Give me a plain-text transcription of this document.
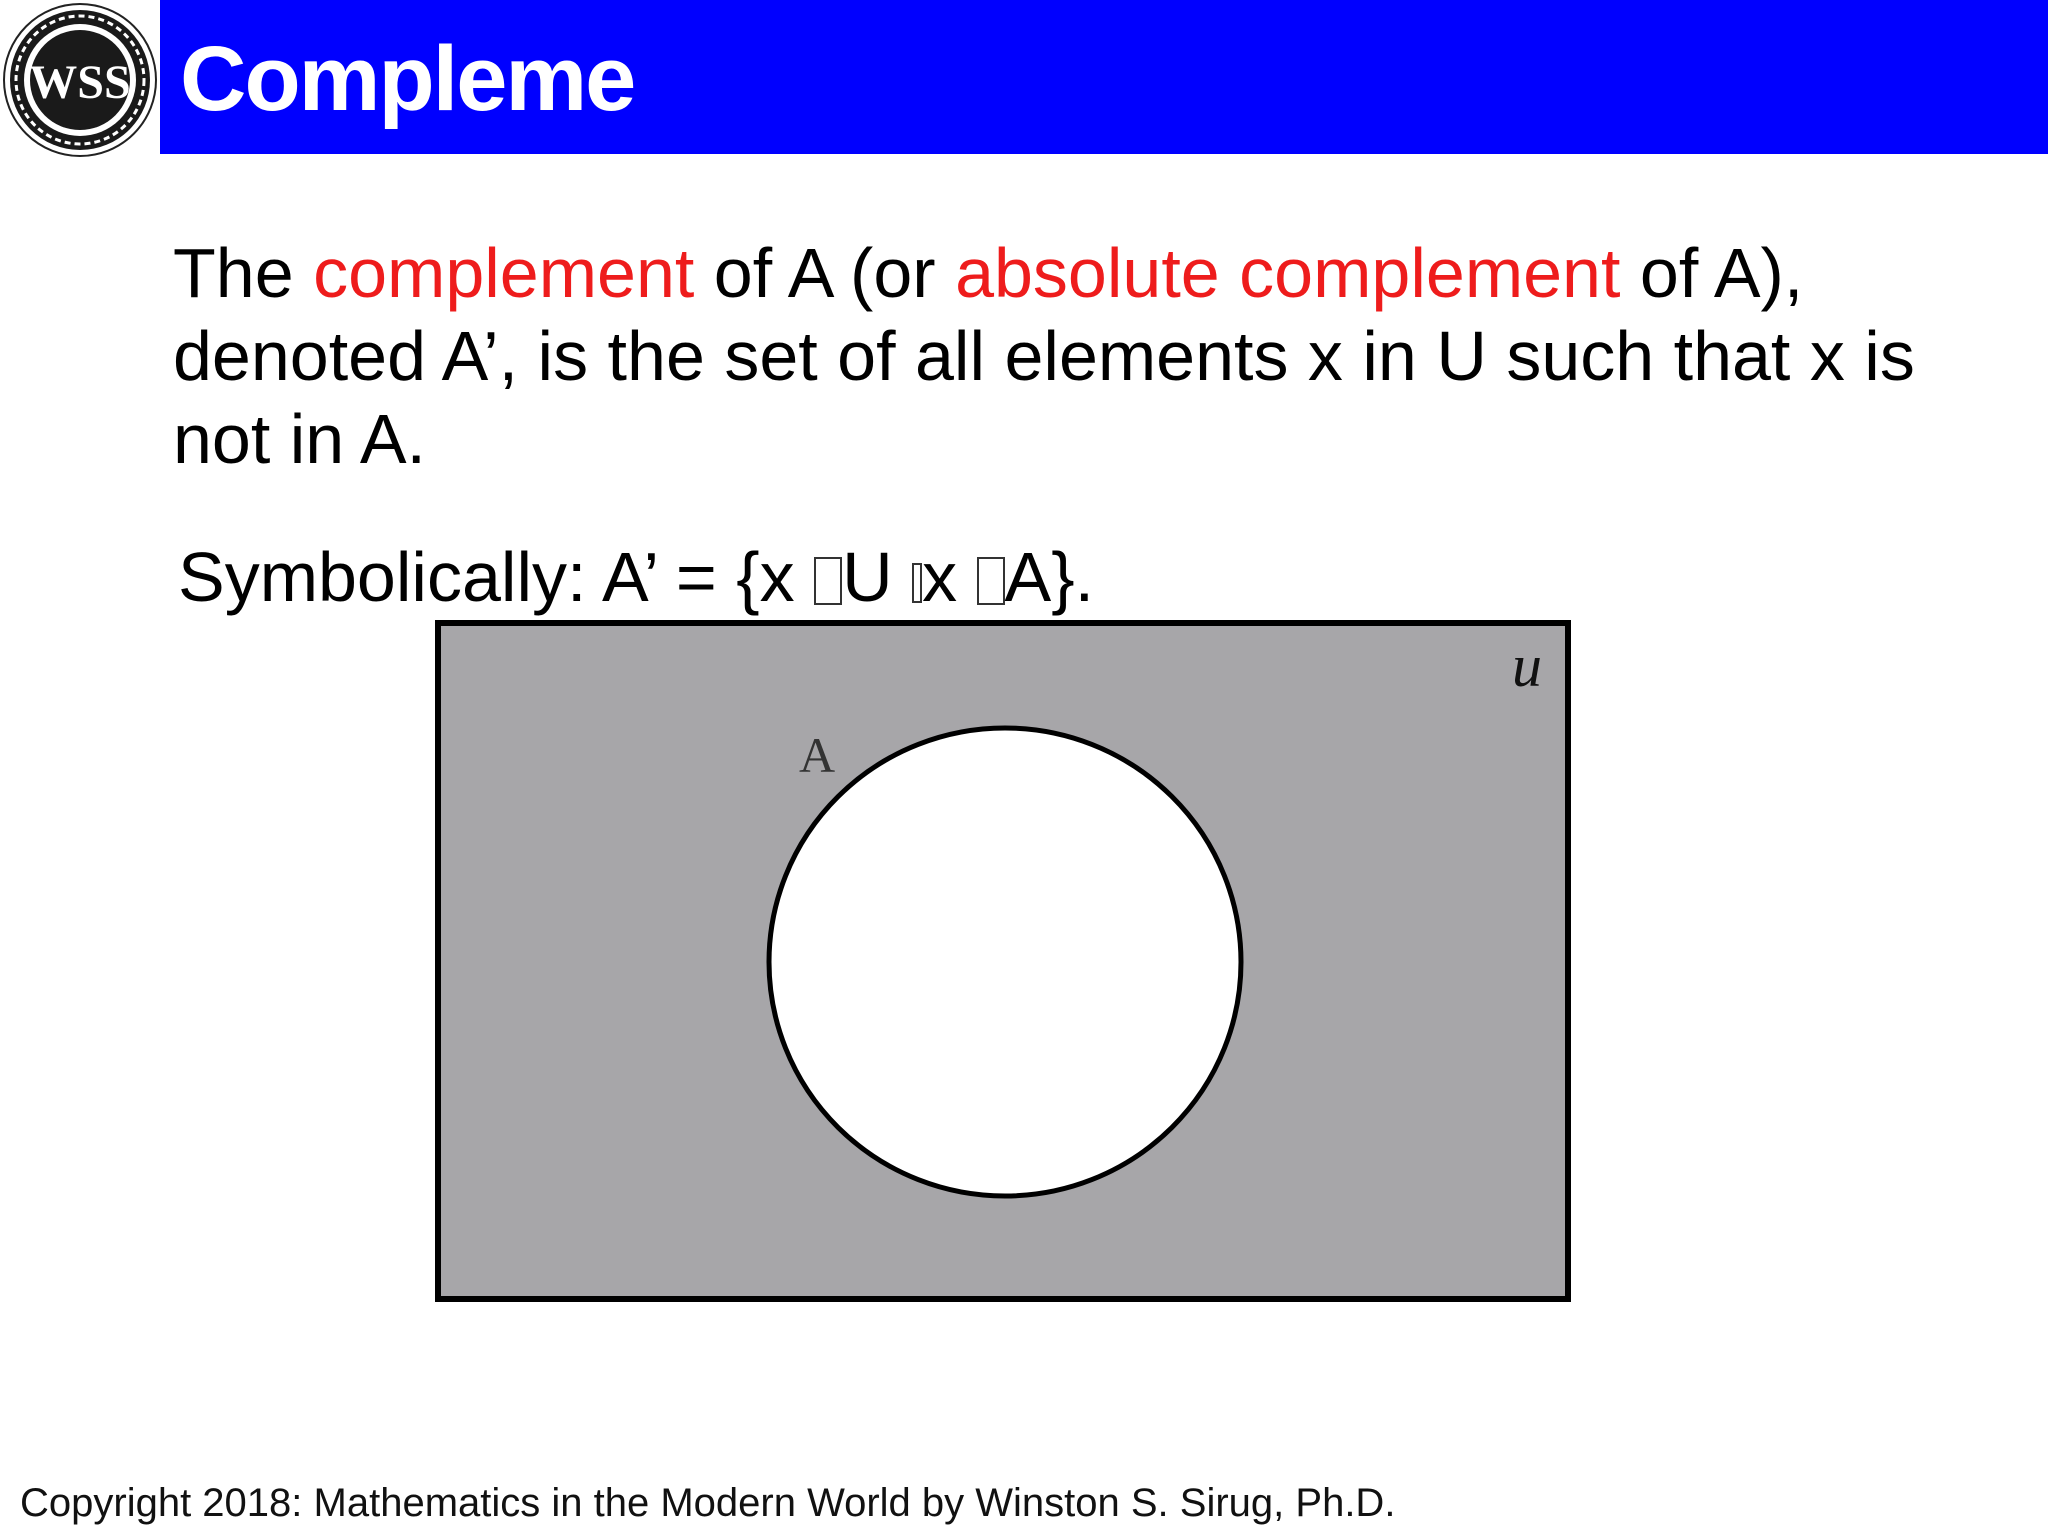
WSS Compleme

The complement of A (or absolute complement of A),
denoted A’, is the set of all elements x in U such that x is
not in A.

Symbolically: A’ = {x U x A}.

u
A

Copyright 2018: Mathematics in the Modern World by Winston S. Sirug, Ph.D.
